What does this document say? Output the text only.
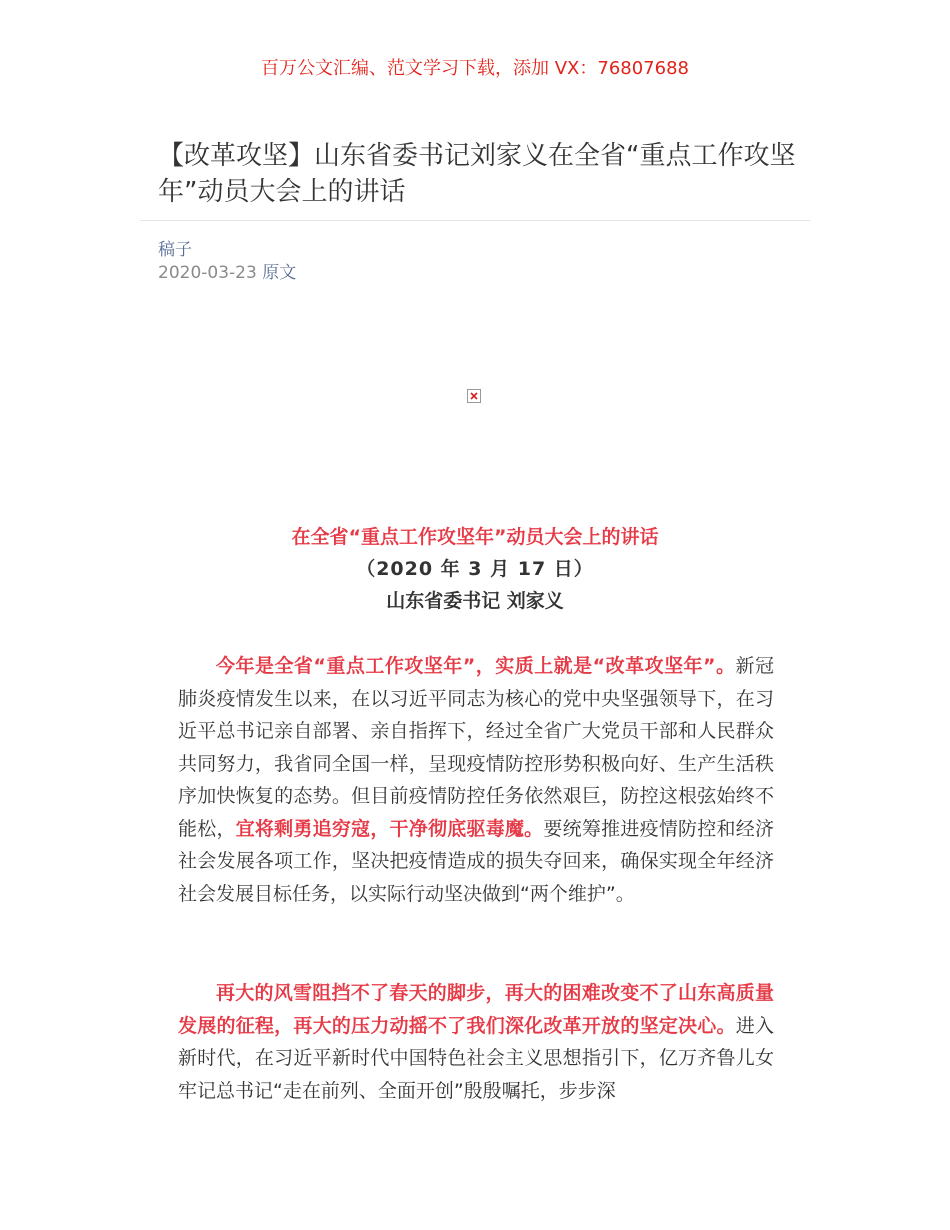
百万公文汇编、范文学习下载，添加 VX：76807688
【改革攻坚】山东省委书记刘家义在全省“重点工作攻坚年”动员大会上的讲话
稿子
2020-03-23 原文
在全省“重点工作攻坚年”动员大会上的讲话
（2020 年 3 月 17 日）
山东省委书记 刘家义

今年是全省“重点工作攻坚年”，实质上就是“改革攻坚年”。新冠肺炎疫情发生以来，在以习近平同志为核心的党中央坚强领导下，在习近平总书记亲自部署、亲自指挥下，经过全省广大党员干部和人民群众共同努力，我省同全国一样，呈现疫情防控形势积极向好、生产生活秩序加快恢复的态势。但目前疫情防控任务依然艰巨，防控这根弦始终不能松，宜将剩勇追穷寇，干净彻底驱毒魔。要统筹推进疫情防控和经济社会发展各项工作，坚决把疫情造成的损失夺回来，确保实现全年经济社会发展目标任务，以实际行动坚决做到“两个维护”。

再大的风雪阻挡不了春天的脚步，再大的困难改变不了山东高质量发展的征程，再大的压力动摇不了我们深化改革开放的坚定决心。进入新时代，在习近平新时代中国特色社会主义思想指引下，亿万齐鲁儿女牢记总书记“走在前列、全面开创”殷殷嘱托，步步深
